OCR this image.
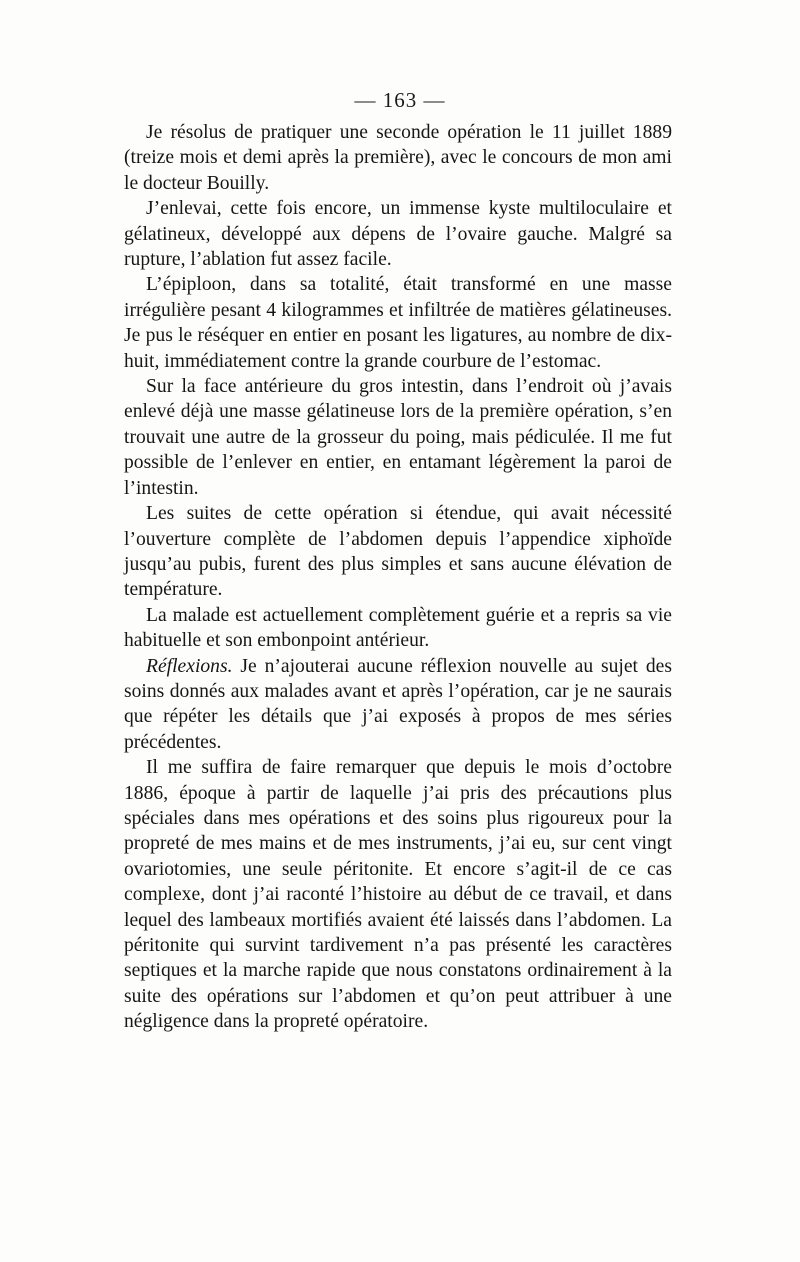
— 163 —

Je résolus de pratiquer une seconde opération le 11 juillet 1889 (treize mois et demi après la première), avec le concours de mon ami le docteur Bouilly.

J’enlevai, cette fois encore, un immense kyste multiloculaire et gélatineux, développé aux dépens de l’ovaire gauche. Malgré sa rupture, l’ablation fut assez facile.

L’épiploon, dans sa totalité, était transformé en une masse irrégulière pesant 4 kilogrammes et infiltrée de matières gélatineuses. Je pus le réséquer en entier en posant les ligatures, au nombre de dix-huit, immédiatement contre la grande courbure de l’estomac.

Sur la face antérieure du gros intestin, dans l’endroit où j’avais enlevé déjà une masse gélatineuse lors de la première opération, s’en trouvait une autre de la grosseur du poing, mais pédiculée. Il me fut possible de l’enlever en entier, en entamant légèrement la paroi de l’intestin.

Les suites de cette opération si étendue, qui avait nécessité l’ouverture complète de l’abdomen depuis l’appendice xiphoïde jusqu’au pubis, furent des plus simples et sans aucune élévation de température.

La malade est actuellement complètement guérie et a repris sa vie habituelle et son embonpoint antérieur.

Réflexions. Je n’ajouterai aucune réflexion nouvelle au sujet des soins donnés aux malades avant et après l’opération, car je ne saurais que répéter les détails que j’ai exposés à propos de mes séries précédentes.

Il me suffira de faire remarquer que depuis le mois d’octobre 1886, époque à partir de laquelle j’ai pris des précautions plus spéciales dans mes opérations et des soins plus rigoureux pour la propreté de mes mains et de mes instruments, j’ai eu, sur cent vingt ovariotomies, une seule péritonite. Et encore s’agit-il de ce cas complexe, dont j’ai raconté l’histoire au début de ce travail, et dans lequel des lambeaux mortifiés avaient été laissés dans l’abdomen. La péritonite qui survint tardivement n’a pas présenté les caractères septiques et la marche rapide que nous constatons ordinairement à la suite des opérations sur l’abdomen et qu’on peut attribuer à une négligence dans la propreté opératoire.
